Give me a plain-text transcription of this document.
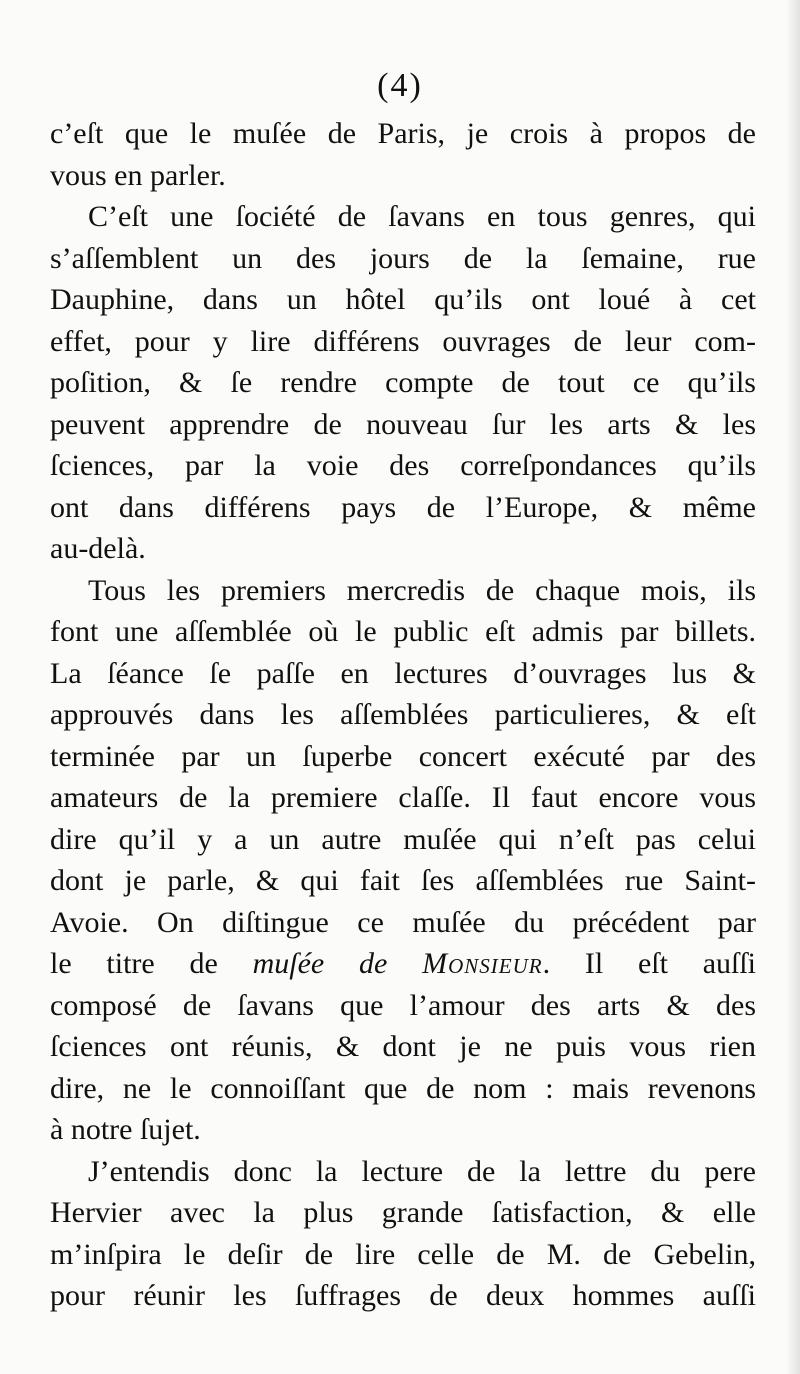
(4)
c’eſt que le muſée de Paris, je crois à propos de
vous en parler.
C’eſt une ſociété de ſavans en tous genres, qui
s’aſſemblent un des jours de la ſemaine, rue
Dauphine, dans un hôtel qu’ils ont loué à cet
effet, pour y lire différens ouvrages de leur com-
poſition, & ſe rendre compte de tout ce qu’ils
peuvent apprendre de nouveau ſur les arts & les
ſciences, par la voie des correſpondances qu’ils
ont dans différens pays de l’Europe, & même
au-delà.
Tous les premiers mercredis de chaque mois, ils
font une aſſemblée où le public eſt admis par billets.
La ſéance ſe paſſe en lectures d’ouvrages lus &
approuvés dans les aſſemblées particulieres, & eſt
terminée par un ſuperbe concert exécuté par des
amateurs de la premiere claſſe. Il faut encore vous
dire qu’il y a un autre muſée qui n’eſt pas celui
dont je parle, & qui fait ſes aſſemblées rue Saint-
Avoie. On diſtingue ce muſée du précédent par
le titre de muſée de Monsieur. Il eſt auſſi
composé de ſavans que l’amour des arts & des
ſciences ont réunis, & dont je ne puis vous rien
dire, ne le connoiſſant que de nom : mais revenons
à notre ſujet.
J’entendis donc la lecture de la lettre du pere
Hervier avec la plus grande ſatisfaction, & elle
m’inſpira le deſir de lire celle de M. de Gebelin,
pour réunir les ſuffrages de deux hommes auſſi
